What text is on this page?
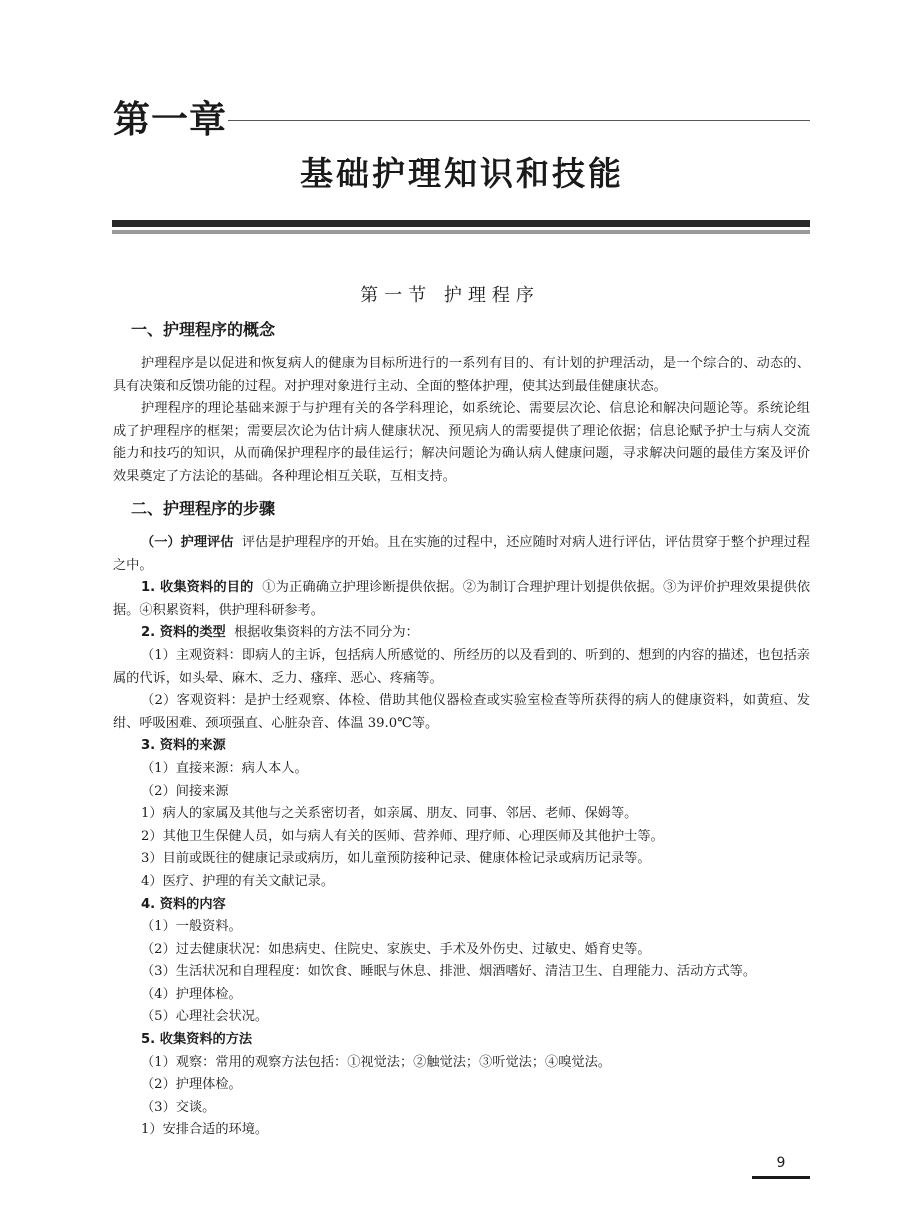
第一章
基础护理知识和技能
第一节 护理程序
一、护理程序的概念

护理程序是以促进和恢复病人的健康为目标所进行的一系列有目的、有计划的护理活动，是一个综合的、动态的、具有决策和反馈功能的过程。对护理对象进行主动、全面的整体护理，使其达到最佳健康状态。

护理程序的理论基础来源于与护理有关的各学科理论，如系统论、需要层次论、信息论和解决问题论等。系统论组成了护理程序的框架；需要层次论为估计病人健康状况、预见病人的需要提供了理论依据；信息论赋予护士与病人交流能力和技巧的知识，从而确保护理程序的最佳运行；解决问题论为确认病人健康问题，寻求解决问题的最佳方案及评价效果奠定了方法论的基础。各种理论相互关联，互相支持。

二、护理程序的步骤

（一）护理评估 评估是护理程序的开始。且在实施的过程中，还应随时对病人进行评估，评估贯穿于整个护理过程之中。

1. 收集资料的目的 ①为正确确立护理诊断提供依据。②为制订合理护理计划提供依据。③为评价护理效果提供依据。④积累资料，供护理科研参考。

2. 资料的类型 根据收集资料的方法不同分为：

（1）主观资料：即病人的主诉，包括病人所感觉的、所经历的以及看到的、听到的、想到的内容的描述，也包括亲属的代诉，如头晕、麻木、乏力、瘙痒、恶心、疼痛等。

（2）客观资料：是护士经观察、体检、借助其他仪器检查或实验室检查等所获得的病人的健康资料，如黄疸、发绀、呼吸困难、颈项强直、心脏杂音、体温 39.0℃等。

3. 资料的来源

（1）直接来源：病人本人。

（2）间接来源

1）病人的家属及其他与之关系密切者，如亲属、朋友、同事、邻居、老师、保姆等。

2）其他卫生保健人员，如与病人有关的医师、营养师、理疗师、心理医师及其他护士等。

3）目前或既往的健康记录或病历，如儿童预防接种记录、健康体检记录或病历记录等。

4）医疗、护理的有关文献记录。

4. 资料的内容

（1）一般资料。

（2）过去健康状况：如患病史、住院史、家族史、手术及外伤史、过敏史、婚育史等。

（3）生活状况和自理程度：如饮食、睡眠与休息、排泄、烟酒嗜好、清洁卫生、自理能力、活动方式等。

（4）护理体检。

（5）心理社会状况。

5. 收集资料的方法

（1）观察：常用的观察方法包括：①视觉法；②触觉法；③听觉法；④嗅觉法。

（2）护理体检。

（3）交谈。

1）安排合适的环境。

9
